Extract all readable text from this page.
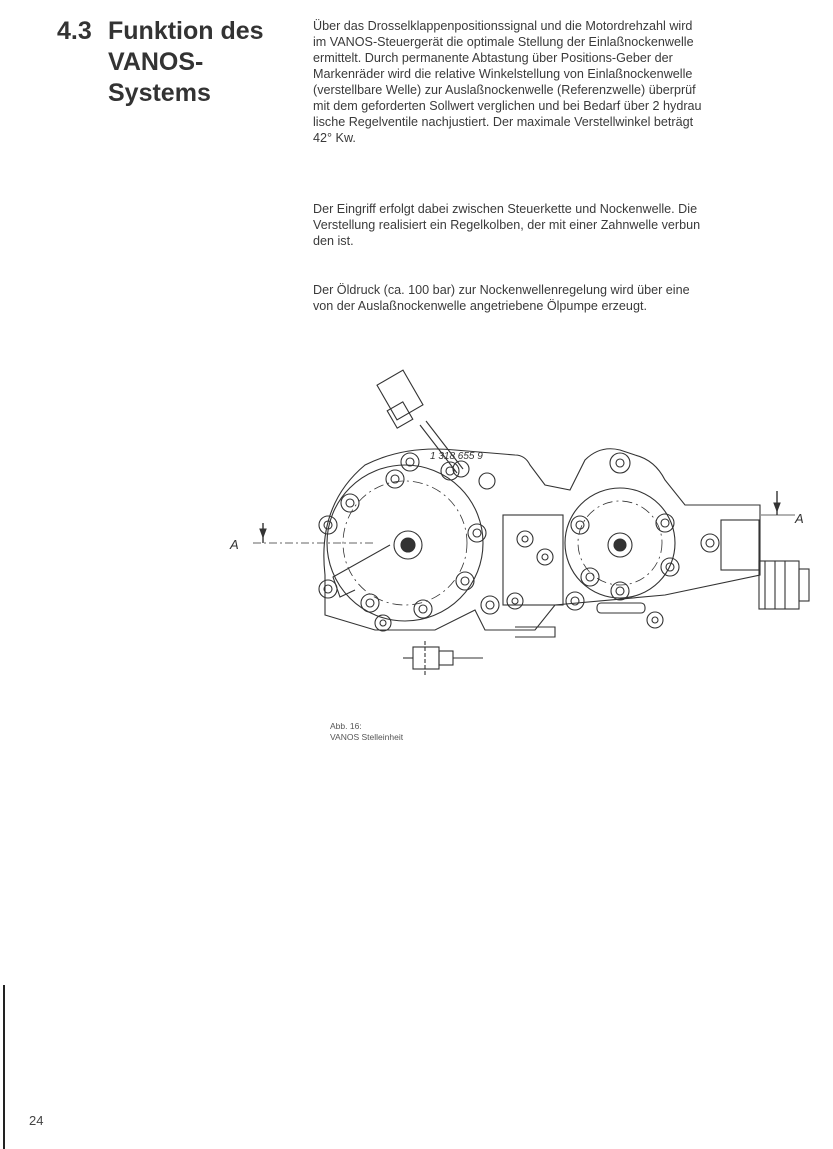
4.3 Funktion des
VANOS-
Systems
Über das Drosselklappenpositionssignal und die Motordrehzahl wird
im VANOS-Steuergerät die optimale Stellung der Einlaßnockenwelle
ermittelt. Durch permanente Abtastung über Positions-Geber der
Markenräder wird die relative Winkelstellung von Einlaßnockenwelle
(verstellbare Welle) zur Auslaßnockenwelle (Referenzwelle) überprüf
mit dem geforderten Sollwert verglichen und bei Bedarf über 2 hydrau
lische Regelventile nachjustiert. Der maximale Verstellwinkel beträgt
42° Kw.
Der Eingriff erfolgt dabei zwischen Steuerkette und Nockenwelle. Die
Verstellung realisiert ein Regelkolben, der mit einer Zahnwelle verbun
den ist.
Der Öldruck (ca. 100 bar) zur Nockenwellenregelung wird über eine
von der Auslaßnockenwelle angetriebene Ölpumpe erzeugt.
A
A
1 318 655 9
Abb. 16:
VANOS Stelleinheit
24
